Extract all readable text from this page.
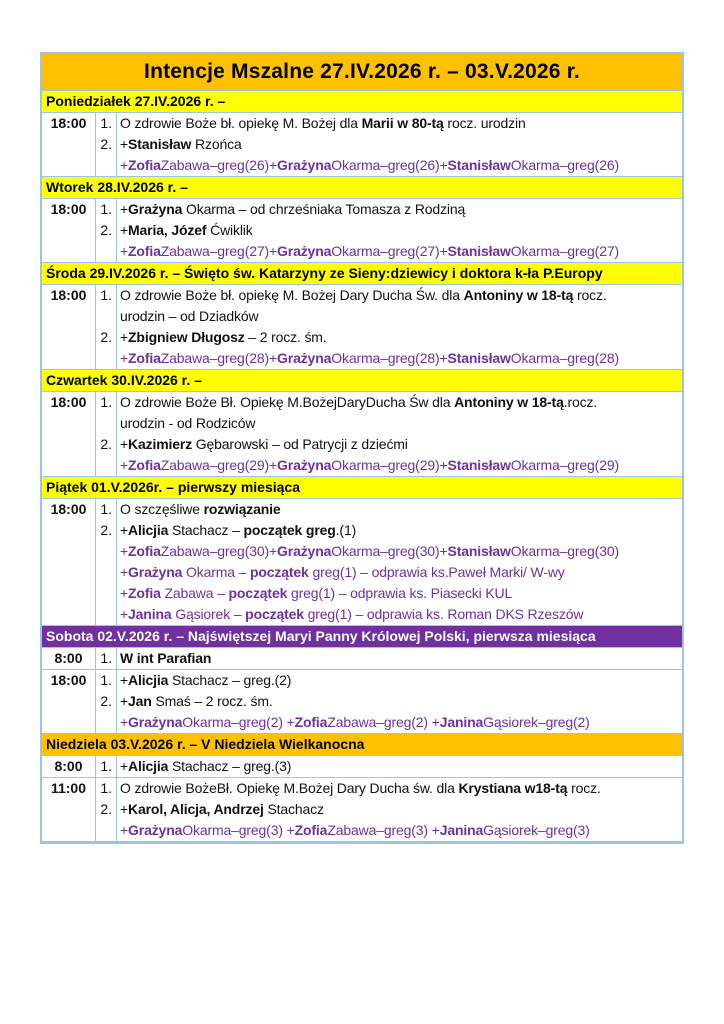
Intencje Mszalne 27.IV.2026 r. – 03.V.2026 r.
Poniedziałek 27.IV.2026 r. –
18:00 1. O zdrowie Boże bł. opiekę M. Bożej dla Marii w 80-tą rocz. urodzin
2. +Stanisław Rzońca
+ZofiaZabawa–greg(26)+GrażynaOkarma–greg(26)+StanisławOkarma–greg(26)
Wtorek 28.IV.2026 r. –
18:00 1. +Grażyna Okarma – od chrześniaka Tomasza z Rodziną
2. +Maria, Józef Ćwiklik
+ZofiaZabawa–greg(27)+GrażynaOkarma–greg(27)+StanisławOkarma–greg(27)
Środa 29.IV.2026 r. – Święto św. Katarzyny ze Sieny:dziewicy i doktora k-ła P.Europy
18:00 1. O zdrowie Boże bł. opiekę M. Bożej Dary Ducha Św. dla Antoniny w 18-tą rocz.
urodzin – od Dziadków
2. +Zbigniew Długosz – 2 rocz. śm.
+ZofiaZabawa–greg(28)+GrażynaOkarma–greg(28)+StanisławOkarma–greg(28)
Czwartek 30.IV.2026 r. –
18:00 1. O zdrowie Boże Bł. Opiekę M.BożejDaryDucha Św dla Antoniny w 18-tą.rocz.
urodzin - od Rodziców
2. +Kazimierz Gębarowski – od Patrycji z dziećmi
+ZofiaZabawa–greg(29)+GrażynaOkarma–greg(29)+StanisławOkarma–greg(29)
Piątek 01.V.2026r. – pierwszy miesiąca
18:00 1. O szczęśliwe rozwiązanie
2. +Alicjia Stachacz – początek greg.(1)
+ZofiaZabawa–greg(30)+GrażynaOkarma–greg(30)+StanisławOkarma–greg(30)
+Grażyna Okarma – początek greg(1) – odprawia ks.Paweł Marki/ W-wy
+Zofia Zabawa – początek greg(1) – odprawia ks. Piasecki KUL
+Janina Gąsiorek – początek greg(1) – odprawia ks. Roman DKS Rzeszów
Sobota 02.V.2026 r. – Najświętszej Maryi Panny Królowej Polski, pierwsza miesiąca
8:00	1. W int Parafian
18:00 1. +Alicjia Stachacz – greg.(2)
2. +Jan Smaś – 2 rocz. śm.
+GrażynaOkarma–greg(2) +ZofiaZabawa–greg(2) +JaninaGąsiorek–greg(2)
Niedziela 03.V.2026 r. – V Niedziela Wielkanocna
8:00	1. +Alicjia Stachacz – greg.(3)
11:00	1. O zdrowie BożeBł. Opiekę M.Bożej Dary Ducha św. dla Krystiana w18-tą rocz.
2. +Karol, Alicja, Andrzej Stachacz
+GrażynaOkarma–greg(3) +ZofiaZabawa–greg(3) +JaninaGąsiorek–greg(3)
